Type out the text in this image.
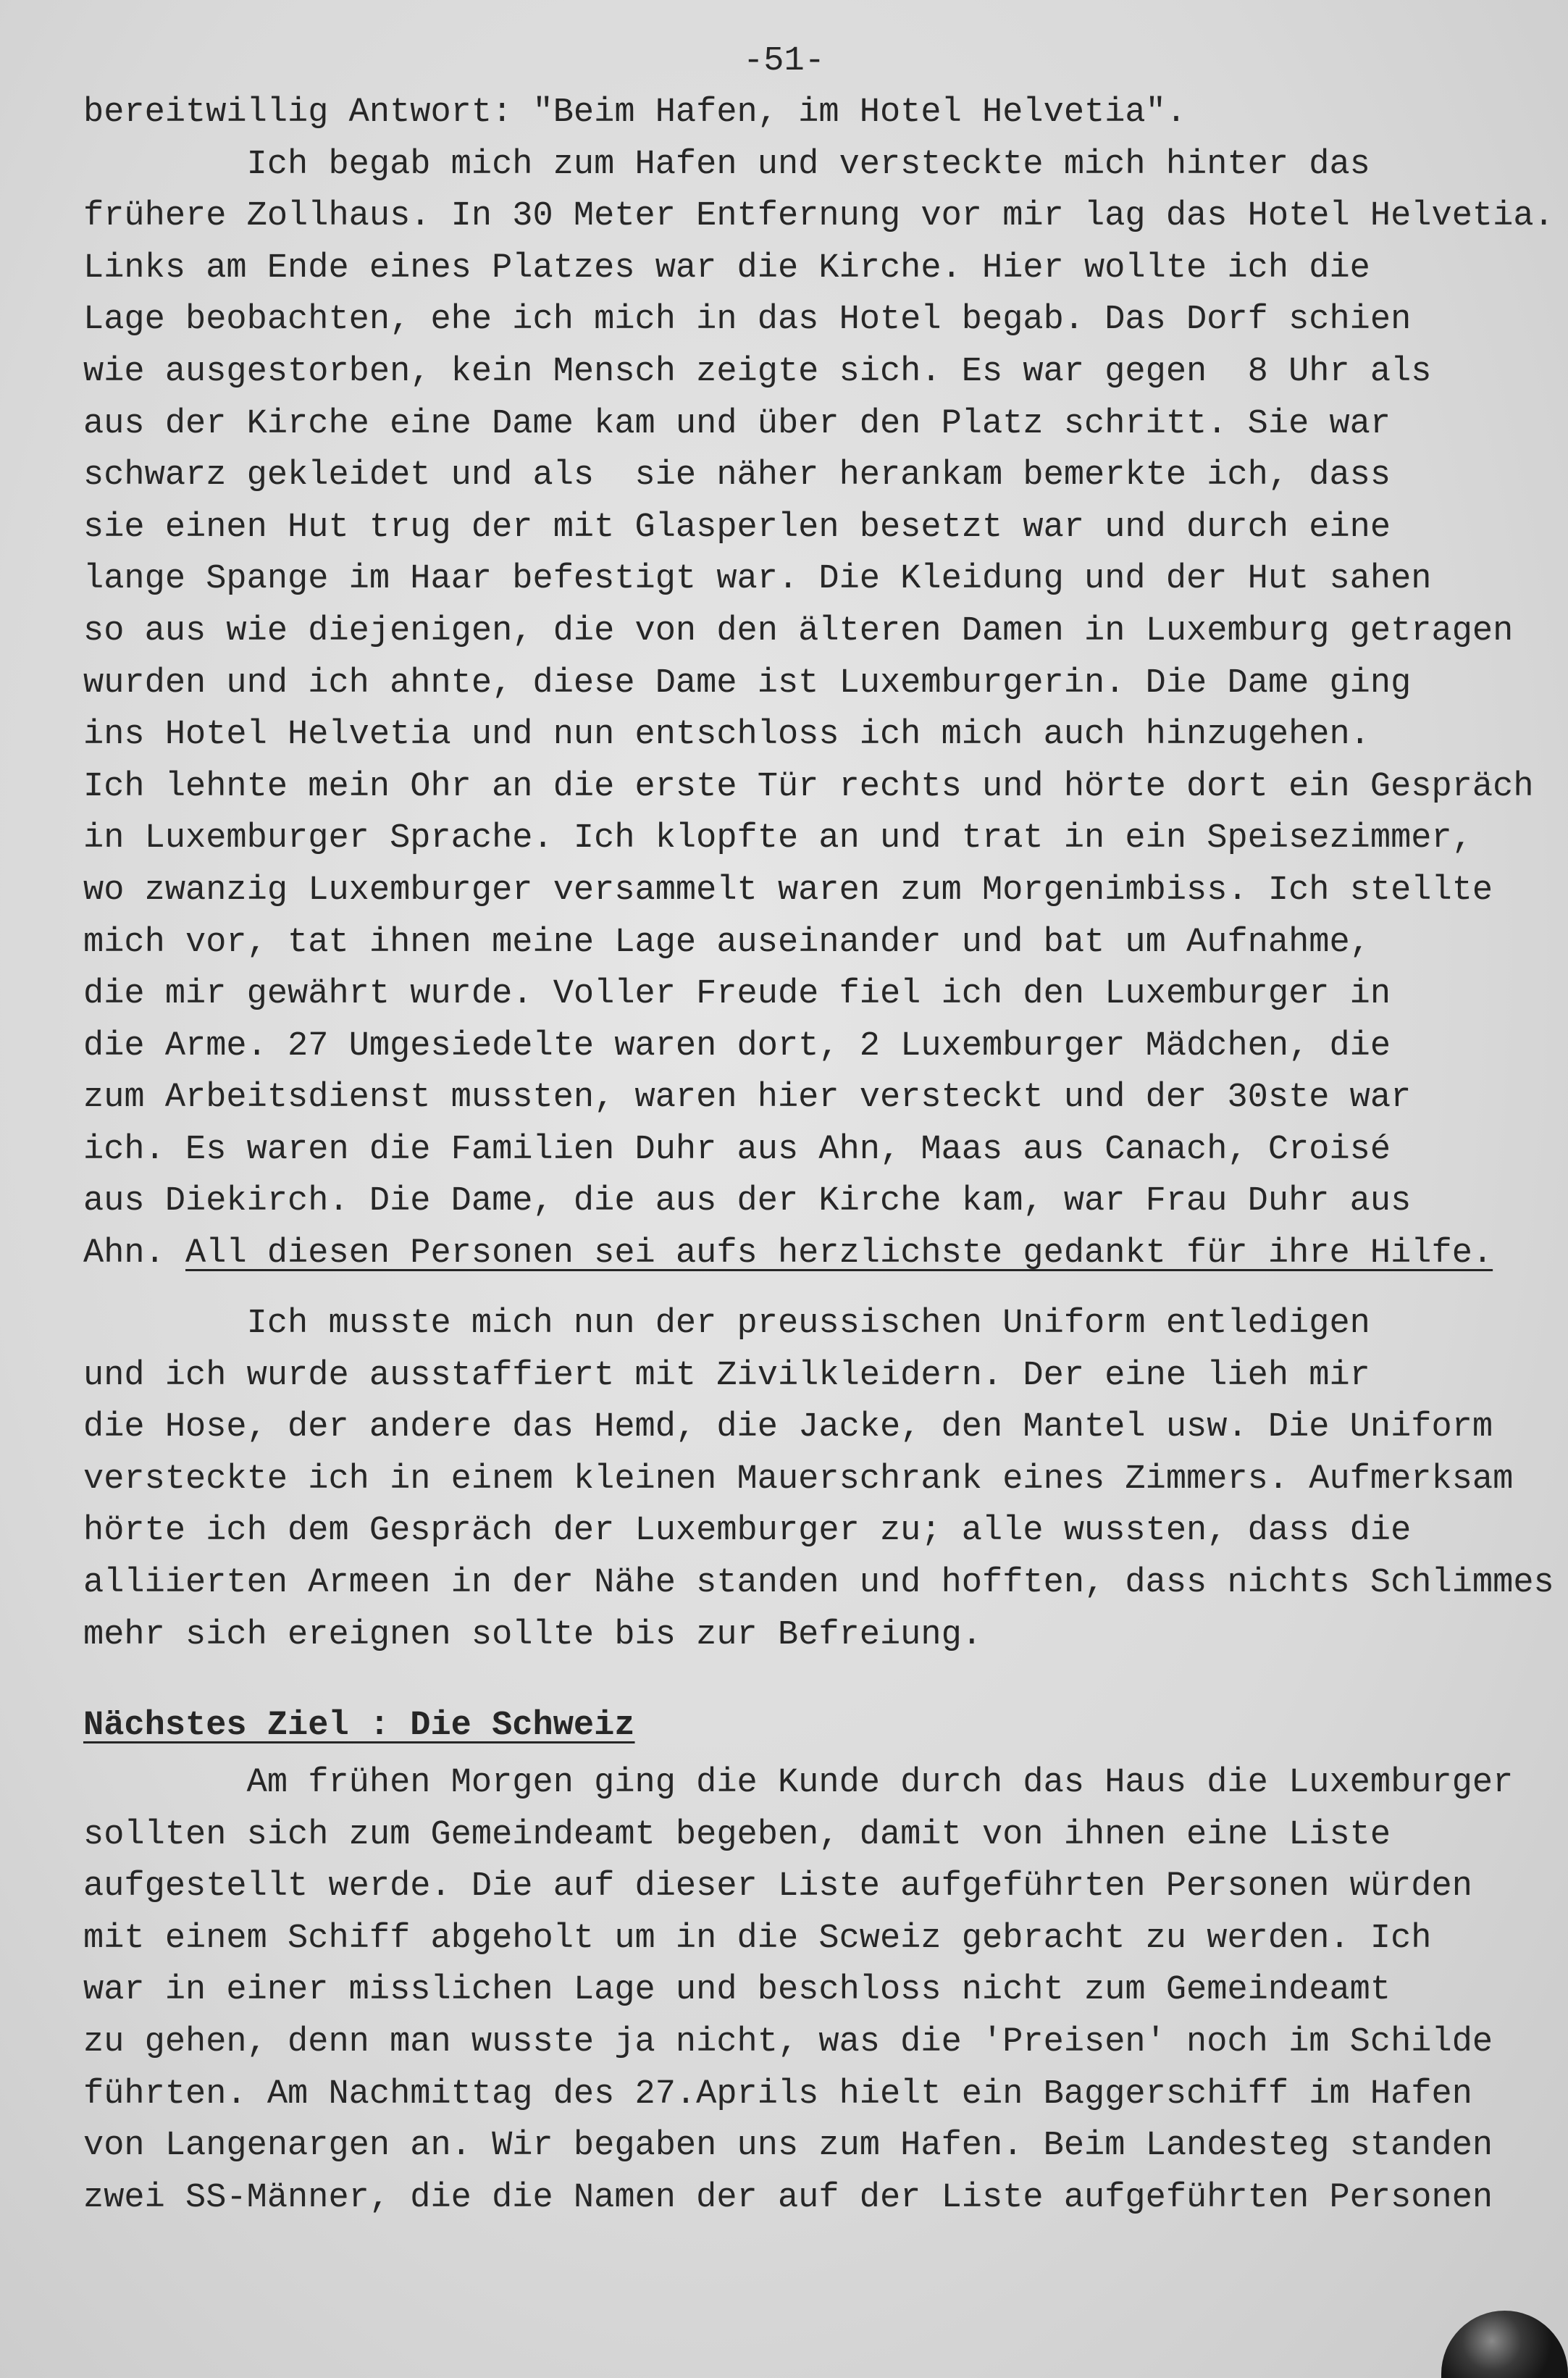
-51-
bereitwillig Antwort: "Beim Hafen, im Hotel Helvetia".
Ich begab mich zum Hafen und versteckte mich hinter das
frühere Zollhaus. In 30 Meter Entfernung vor mir lag das Hotel Helvetia.
Links am Ende eines Platzes war die Kirche. Hier wollte ich die
Lage beobachten, ehe ich mich in das Hotel begab. Das Dorf schien
wie ausgestorben, kein Mensch zeigte sich. Es war gegen  8 Uhr als
aus der Kirche eine Dame kam und über den Platz schritt. Sie war
schwarz gekleidet und als  sie näher herankam bemerkte ich, dass
sie einen Hut trug der mit Glasperlen besetzt war und durch eine
lange Spange im Haar befestigt war. Die Kleidung und der Hut sahen
so aus wie diejenigen, die von den älteren Damen in Luxemburg getragen
wurden und ich ahnte, diese Dame ist Luxemburgerin. Die Dame ging
ins Hotel Helvetia und nun entschloss ich mich auch hinzugehen.
Ich lehnte mein Ohr an die erste Tür rechts und hörte dort ein Gespräch
in Luxemburger Sprache. Ich klopfte an und trat in ein Speisezimmer,
wo zwanzig Luxemburger versammelt waren zum Morgenimbiss. Ich stellte
mich vor, tat ihnen meine Lage auseinander und bat um Aufnahme,
die mir gewährt wurde. Voller Freude fiel ich den Luxemburger in
die Arme. 27 Umgesiedelte waren dort, 2 Luxemburger Mädchen, die
zum Arbeitsdienst mussten, waren hier versteckt und der 30ste war
ich. Es waren die Familien Duhr aus Ahn, Maas aus Canach, Croisé
aus Diekirch. Die Dame, die aus der Kirche kam, war Frau Duhr aus
Ahn. All diesen Personen sei aufs herzlichste gedankt für ihre Hilfe.
Ich musste mich nun der preussischen Uniform entledigen
und ich wurde ausstaffiert mit Zivilkleidern. Der eine lieh mir
die Hose, der andere das Hemd, die Jacke, den Mantel usw. Die Uniform
versteckte ich in einem kleinen Mauerschrank eines Zimmers. Aufmerksam
hörte ich dem Gespräch der Luxemburger zu; alle wussten, dass die
alliierten Armeen in der Nähe standen und hofften, dass nichts Schlimmes
mehr sich ereignen sollte bis zur Befreiung.
Nächstes Ziel : Die Schweiz
Am frühen Morgen ging die Kunde durch das Haus die Luxemburger
sollten sich zum Gemeindeamt begeben, damit von ihnen eine Liste
aufgestellt werde. Die auf dieser Liste aufgeführten Personen würden
mit einem Schiff abgeholt um in die Scweiz gebracht zu werden. Ich
war in einer misslichen Lage und beschloss nicht zum Gemeindeamt
zu gehen, denn man wusste ja nicht, was die 'Preisen' noch im Schilde
führten. Am Nachmittag des 27.Aprils hielt ein Baggerschiff im Hafen
von Langenargen an. Wir begaben uns zum Hafen. Beim Landesteg standen
zwei SS-Männer, die die Namen der auf der Liste aufgeführten Personen
